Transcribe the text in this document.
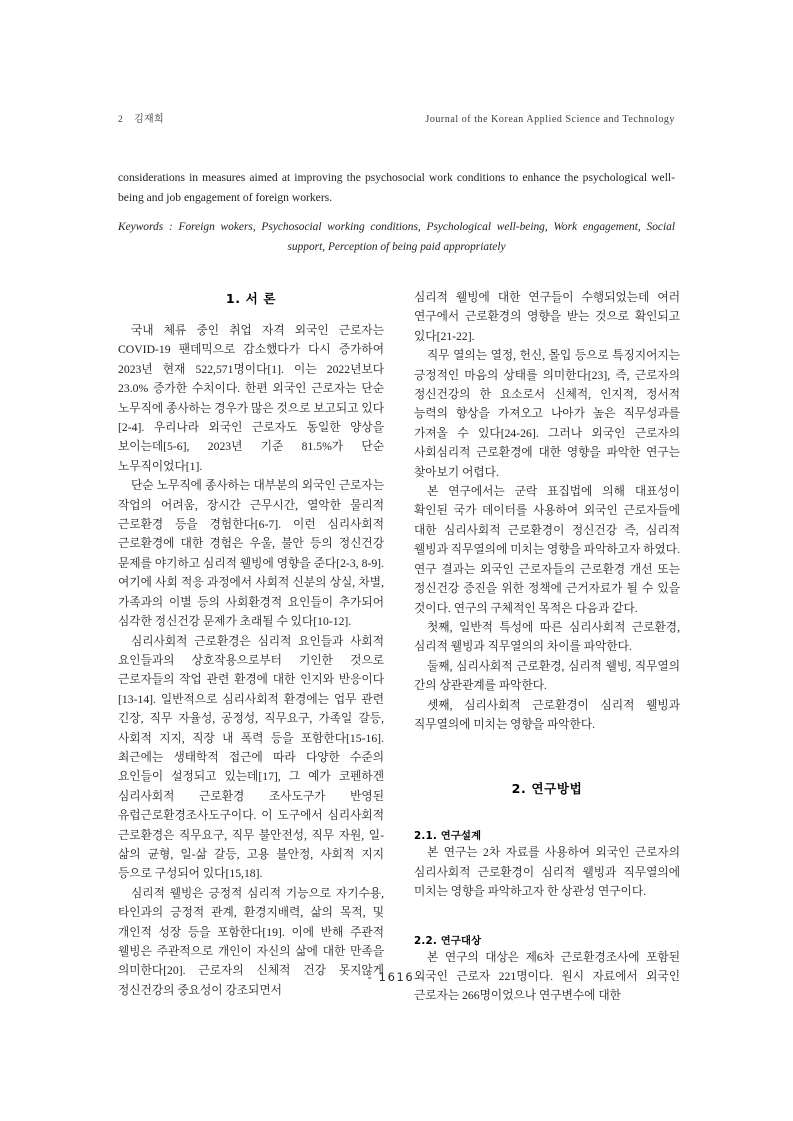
2 김재희	Journal of the Korean Applied Science and Technology
considerations in measures aimed at improving the psychosocial work conditions to enhance the psychological well-being and job engagement of foreign workers.
Keywords : Foreign wokers, Psychosocial working conditions, Psychological well-being, Work engagement, Social support, Perception of being paid appropriately
1. 서 론

국내 체류 중인 취업 자격 외국인 근로자는 COVID-19 팬데믹으로 감소했다가 다시 증가하여 2023년 현재 522,571명이다[1]. 이는 2022년보다 23.0% 증가한 수치이다. 한편 외국인 근로자는 단순 노무직에 종사하는 경우가 많은 것으로 보고되고 있다[2-4]. 우리나라 외국인 근로자도 동일한 양상을 보이는데[5-6], 2023년 기준 81.5%가 단순 노무직이었다[1].

단순 노무직에 종사하는 대부분의 외국인 근로자는 작업의 어려움, 장시간 근무시간, 열악한 물리적 근로환경 등을 경험한다[6-7]. 이런 심리사회적 근로환경에 대한 경험은 우울, 불안 등의 정신건강 문제를 야기하고 심리적 웰빙에 영향을 준다[2-3, 8-9]. 여기에 사회 적응 과정에서 사회적 신분의 상실, 차별, 가족과의 이별 등의 사회환경적 요인들이 추가되어 심각한 정신건강 문제가 초래될 수 있다[10-12].

심리사회적 근로환경은 심리적 요인들과 사회적 요인들과의 상호작용으로부터 기인한 것으로 근로자들의 작업 관련 환경에 대한 인지와 반응이다[13-14]. 일반적으로 심리사회적 환경에는 업무 관련 긴장, 직무 자율성, 공정성, 직무요구, 가족일 갈등, 사회적 지지, 직장 내 폭력 등을 포함한다[15-16]. 최근에는 생태학적 접근에 따라 다양한 수준의 요인들이 설정되고 있는데[17], 그 예가 코펜하겐 심리사회적 근로환경 조사도구가 반영된 유럽근로환경조사도구이다. 이 도구에서 심리사회적 근로환경은 직무요구, 직무 불안전성, 직무 자원, 일-삶의 균형, 일-삶 갈등, 고용 불안정, 사회적 지지 등으로 구성되어 있다[15,18].

심리적 웰빙은 긍정적 심리적 기능으로 자기수용, 타인과의 긍정적 관계, 환경지배력, 삶의 목적, 및 개인적 성장 등을 포함한다[19]. 이에 반해 주관적 웰빙은 주관적으로 개인이 자신의 삶에 대한 만족을 의미한다[20]. 근로자의 신체적 건강 못지않게 정신건강의 중요성이 강조되면서

심리적 웰빙에 대한 연구들이 수행되었는데 여러 연구에서 근로환경의 영향을 받는 것으로 확인되고 있다[21-22].

직무 열의는 열정, 헌신, 몰입 등으로 특징지어지는 긍정적인 마음의 상태를 의미한다[23], 즉, 근로자의 정신건강의 한 요소로서 신체적, 인지적, 정서적 능력의 향상을 가져오고 나아가 높은 직무성과를 가져올 수 있다[24-26]. 그러나 외국인 근로자의 사회심리적 근로환경에 대한 영향을 파악한 연구는 찾아보기 어렵다.

본 연구에서는 군락 표집법에 의해 대표성이 확인된 국가 데이터를 사용하여 외국인 근로자들에 대한 심리사회적 근로환경이 정신건강 즉, 심리적 웰빙과 직무열의에 미치는 영향을 파악하고자 하였다. 연구 결과는 외국인 근로자들의 근로환경 개선 또는 정신건강 증진을 위한 정책에 근거자료가 될 수 있을 것이다. 연구의 구체적인 목적은 다음과 같다.

첫째, 일반적 특성에 따른 심리사회적 근로환경, 심리적 웰빙과 직무열의의 차이를 파악한다.

둘째, 심리사회적 근로환경, 심리적 웰빙, 직무열의 간의 상관관계를 파악한다.

셋째, 심리사회적 근로환경이 심리적 웰빙과 직무열의에 미치는 영향을 파악한다.

2. 연구방법
2.1. 연구설계

본 연구는 2차 자료를 사용하여 외국인 근로자의 심리사회적 근로환경이 심리적 웰빙과 직무열의에 미치는 영향을 파악하고자 한 상관성 연구이다.

2.2. 연구대상

본 연구의 대상은 제6차 근로환경조사에 포함된 외국인 근로자 221명이다. 원시 자료에서 외국인 근로자는 266명이었으나 연구변수에 대한

- 1616 -
